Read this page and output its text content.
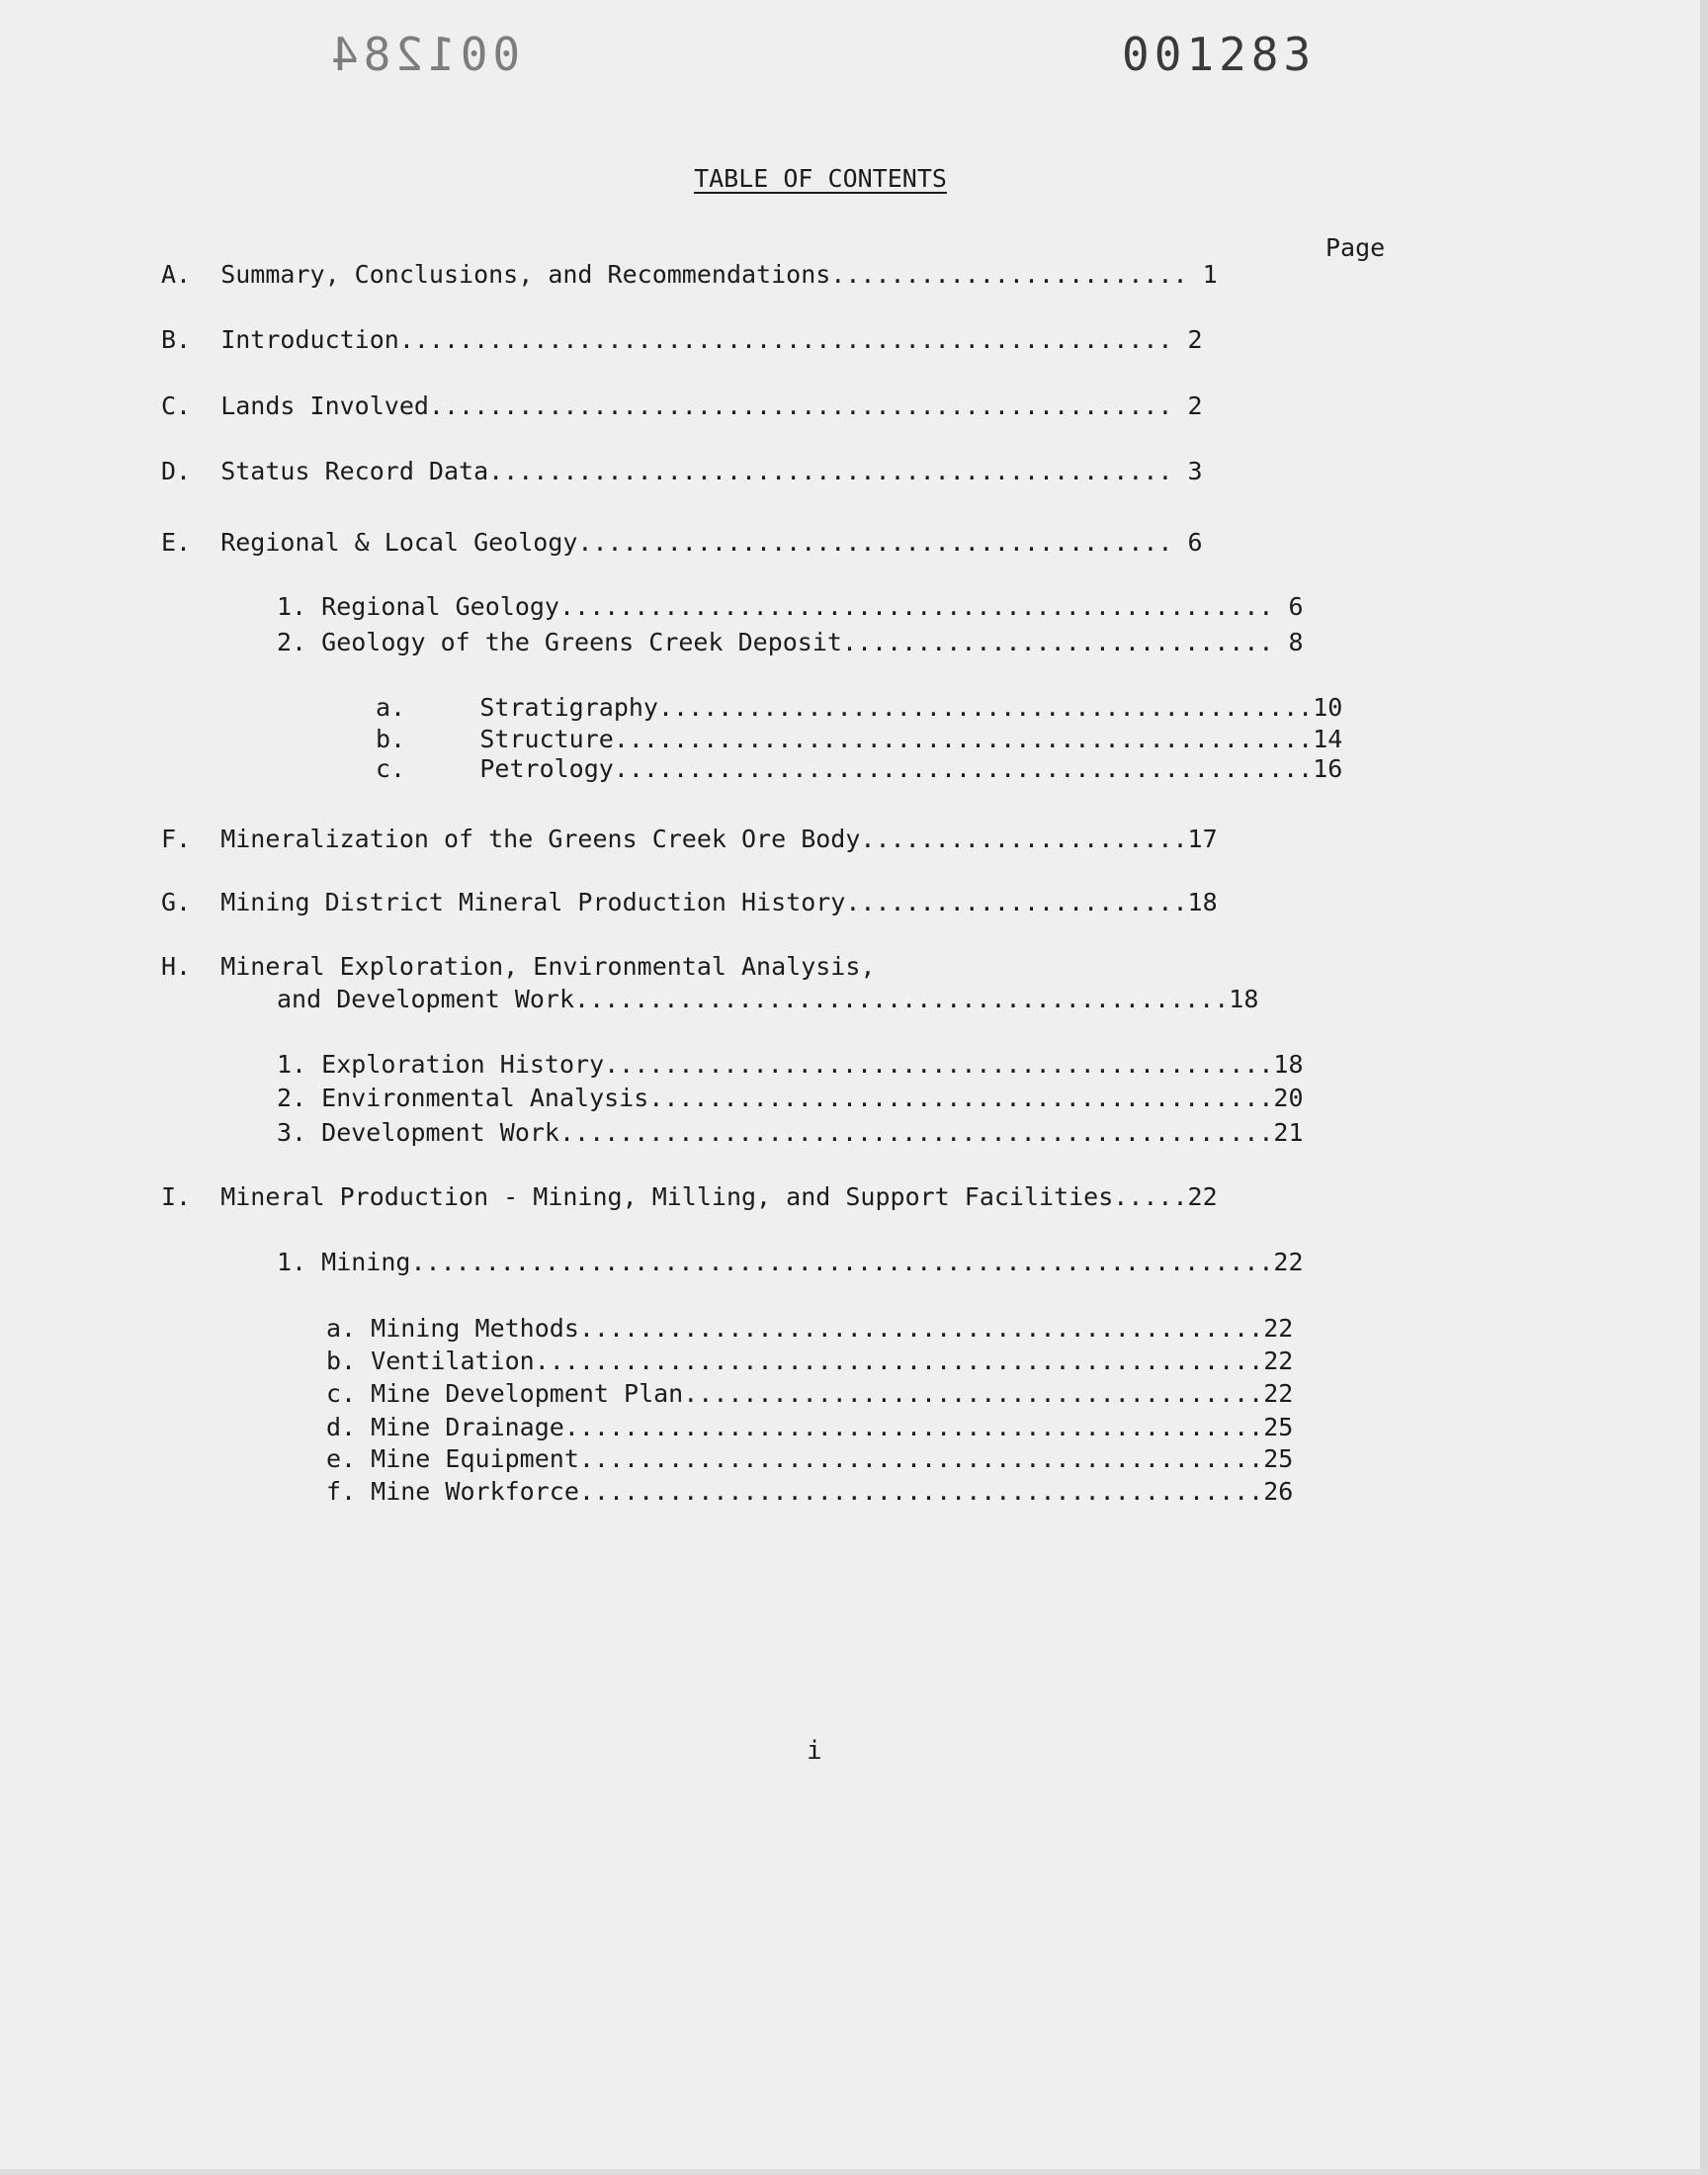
001284	001283
TABLE OF CONTENTS
Page
A.  Summary, Conclusions, and Recommendations........................ 1
B.  Introduction.................................................... 2
C.  Lands Involved.................................................. 2
D.  Status Record Data.............................................. 3
E.  Regional & Local Geology........................................ 6
1. Regional Geology................................................ 6
2. Geology of the Greens Creek Deposit............................. 8
a.     Stratigraphy............................................10
b.     Structure...............................................14
c.     Petrology...............................................16
F.  Mineralization of the Greens Creek Ore Body......................17
G.  Mining District Mineral Production History.......................18
H.  Mineral Exploration, Environmental Analysis,
and Development Work............................................18
1. Exploration History.............................................18
2. Environmental Analysis..........................................20
3. Development Work................................................21
I.  Mineral Production - Mining, Milling, and Support Facilities.....22
1. Mining..........................................................22
a. Mining Methods..............................................22
b. Ventilation.................................................22
c. Mine Development Plan.......................................22
d. Mine Drainage...............................................25
e. Mine Equipment..............................................25
f. Mine Workforce..............................................26
i
